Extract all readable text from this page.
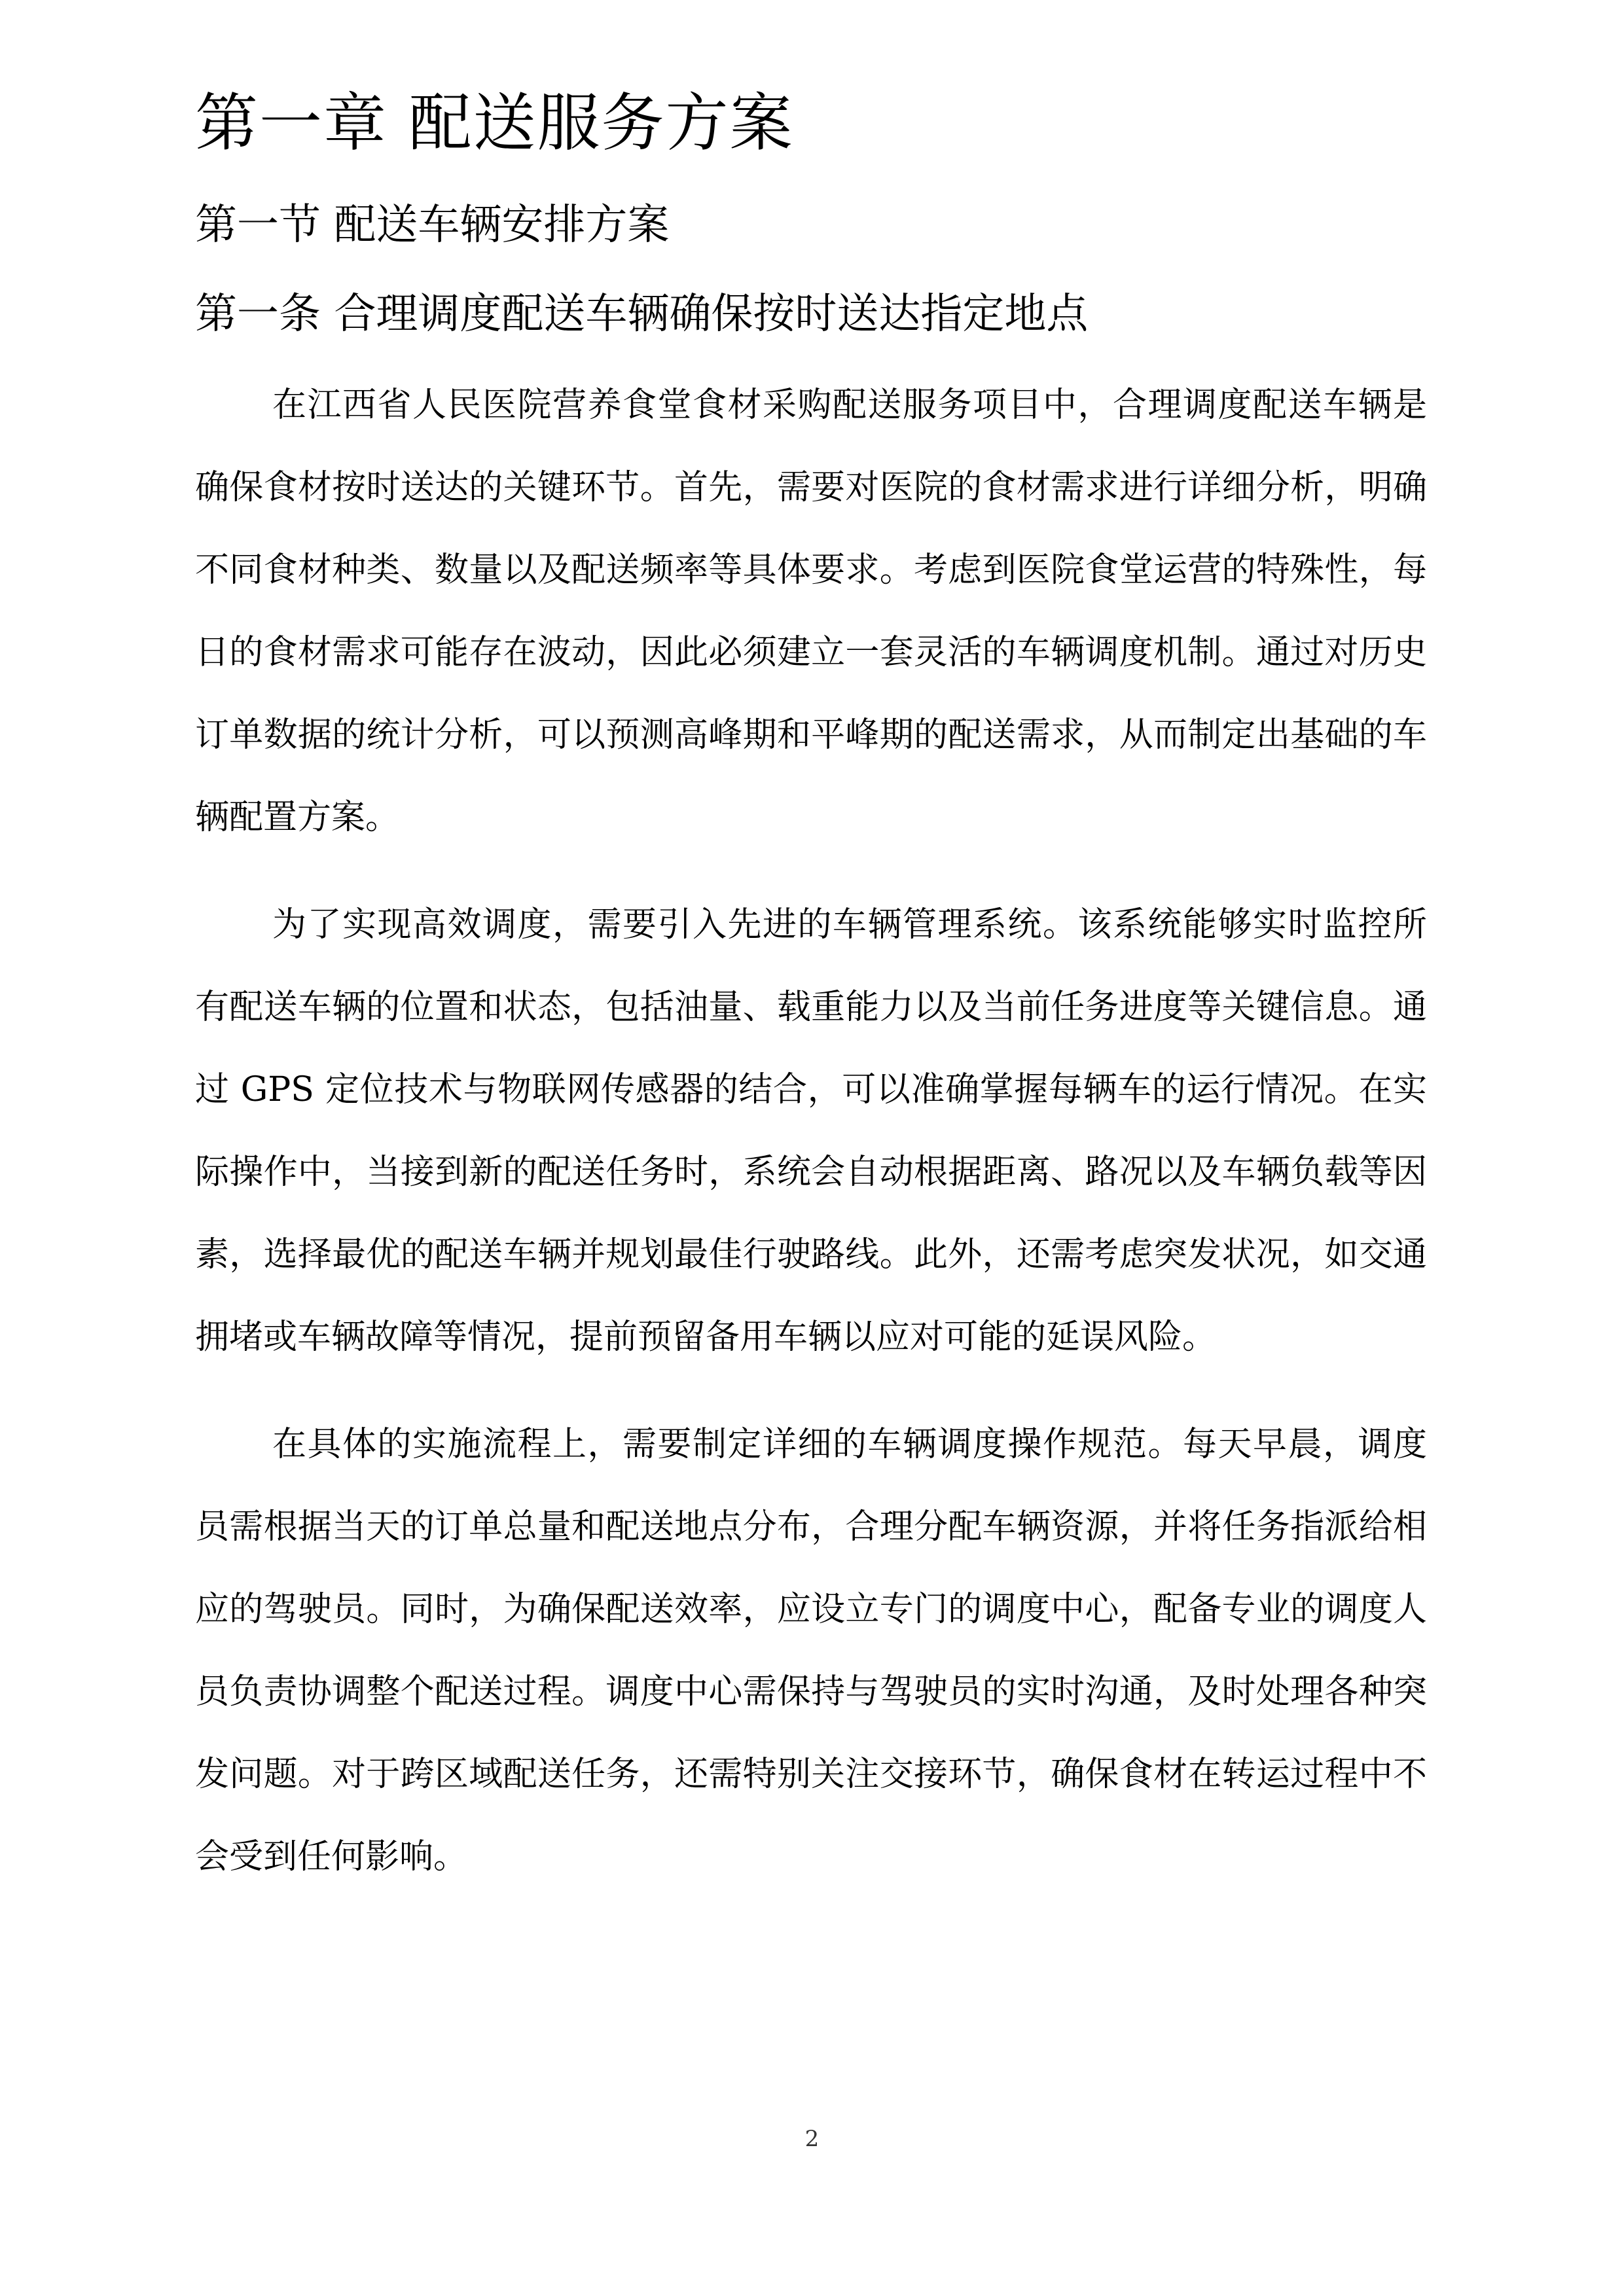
第一章 配送服务方案
第一节 配送车辆安排方案
第一条 合理调度配送车辆确保按时送达指定地点

在江西省人民医院营养食堂食材采购配送服务项目中，合理调度配送车辆是确保食材按时送达的关键环节。首先，需要对医院的食材需求进行详细分析，明确不同食材种类、数量以及配送频率等具体要求。考虑到医院食堂运营的特殊性，每日的食材需求可能存在波动，因此必须建立一套灵活的车辆调度机制。通过对历史订单数据的统计分析，可以预测高峰期和平峰期的配送需求，从而制定出基础的车辆配置方案。

为了实现高效调度，需要引入先进的车辆管理系统。该系统能够实时监控所有配送车辆的位置和状态，包括油量、载重能力以及当前任务进度等关键信息。通过 GPS 定位技术与物联网传感器的结合，可以准确掌握每辆车的运行情况。在实际操作中，当接到新的配送任务时，系统会自动根据距离、路况以及车辆负载等因素，选择最优的配送车辆并规划最佳行驶路线。此外，还需考虑突发状况，如交通拥堵或车辆故障等情况，提前预留备用车辆以应对可能的延误风险。

在具体的实施流程上，需要制定详细的车辆调度操作规范。每天早晨，调度员需根据当天的订单总量和配送地点分布，合理分配车辆资源，并将任务指派给相应的驾驶员。同时，为确保配送效率，应设立专门的调度中心，配备专业的调度人员负责协调整个配送过程。调度中心需保持与驾驶员的实时沟通，及时处理各种突发问题。对于跨区域配送任务，还需特别关注交接环节，确保食材在转运过程中不会受到任何影响。

2
